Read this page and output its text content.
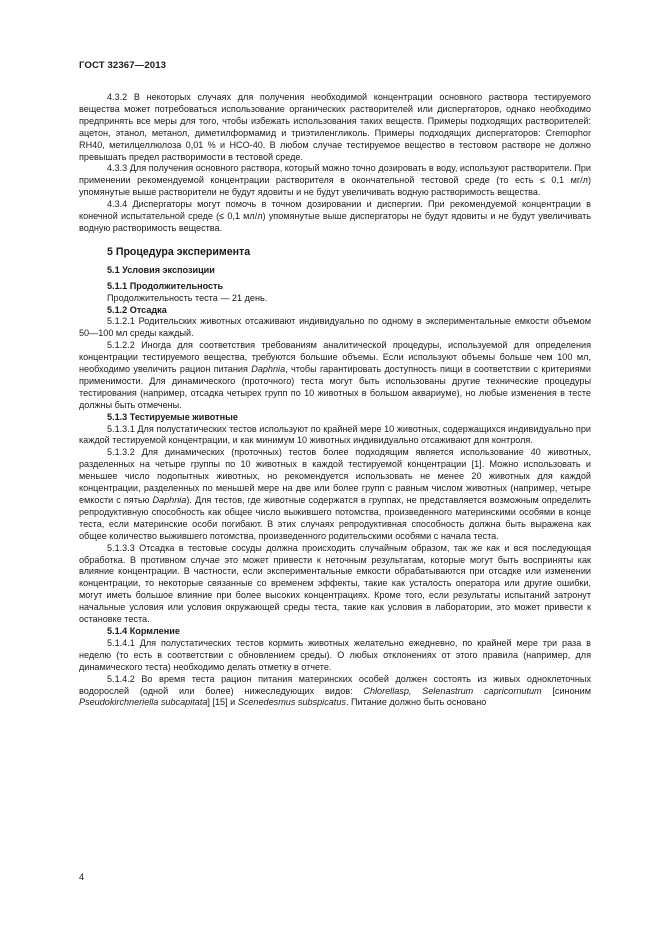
ГОСТ 32367—2013

4.3.2 В некоторых случаях для получения необходимой концентрации основного раствора тестируемого вещества может потребоваться использование органических растворителей или диспергаторов, однако необходимо предпринять все меры для того, чтобы избежать использования таких веществ. Примеры подходящих растворителей: ацетон, этанол, метанол, диметилформамид и триэтиленгликоль. Примеры подходящих диспергаторов: Cremophor RH40, метилцеллюлоза 0,01 % и HCO-40. В любом случае тестируемое вещество в тестовом растворе не должно превышать предел растворимости в тестовой среде.

4.3.3 Для получения основного раствора, который можно точно дозировать в воду, используют растворители. При применении рекомендуемой концентрации растворителя в окончательной тестовой среде (то есть ≤ 0,1 мг/л) упомянутые выше растворители не будут ядовиты и не будут увеличивать водную растворимость вещества.

4.3.4 Диспергаторы могут помочь в точном дозировании и диспергии. При рекомендуемой концентрации в конечной испытательной среде (≤ 0,1 мл/л) упомянутые выше диспергаторы не будут ядовиты и не будут увеличивать водную растворимость вещества.

5 Процедура эксперимента
5.1 Условия экспозиции
5.1.1 Продолжительность

Продолжительность теста — 21 день.

5.1.2 Отсадка

5.1.2.1 Родительских животных отсаживают индивидуально по одному в экспериментальные емкости объемом 50—100 мл среды каждый.

5.1.2.2 Иногда для соответствия требованиям аналитической процедуры, используемой для определения концентрации тестируемого вещества, требуются большие объемы. Если используют объемы больше чем 100 мл, необходимо увеличить рацион питания Daphnia, чтобы гарантировать доступность пищи в соответствии с критериями применимости. Для динамического (проточного) теста могут быть использованы другие технические процедуры тестирования (например, отсадка четырех групп по 10 животных в большом аквариуме), но любые изменения в тесте должны быть отмечены.

5.1.3 Тестируемые животные

5.1.3.1 Для полустатических тестов используют по крайней мере 10 животных, содержащихся индивидуально при каждой тестируемой концентрации, и как минимум 10 животных индивидуально отсаживают для контроля.

5.1.3.2 Для динамических (проточных) тестов более подходящим является использование 40 животных, разделенных на четыре группы по 10 животных в каждой тестируемой концентрации [1]. Можно использовать и меньшее число подопытных животных, но рекомендуется использовать не менее 20 животных для каждой концентрации, разделенных по меньшей мере на две или более групп с равным числом животных (например, четыре емкости с пятью Daphnia). Для тестов, где животные содержатся в группах, не представляется возможным определить репродуктивную способность как общее число выжившего потомства, произведенного материнскими особями в конце теста, если материнские особи погибают. В этих случаях репродуктивная способность должна быть выражена как общее количество выжившего потомства, произведенного родительскими особями с начала теста.

5.1.3.3 Отсадка в тестовые сосуды должна происходить случайным образом, так же как и вся последующая обработка. В противном случае это может привести к неточным результатам, которые могут быть восприняты как влияние концентрации. В частности, если экспериментальные емкости обрабатываются при отсадке или изменении концентрации, то некоторые связанные со временем эффекты, такие как усталость оператора или другие ошибки, могут иметь большое влияние при более высоких концентрациях. Кроме того, если результаты испытаний затронут начальные условия или условия окружающей среды теста, такие как условия в лаборатории, это может привести к остановке теста.

5.1.4 Кормление

5.1.4.1 Для полустатических тестов кормить животных желательно ежедневно, по крайней мере три раза в неделю (то есть в соответствии с обновлением среды). О любых отклонениях от этого правила (например, для динамического теста) необходимо делать отметку в отчете.

5.1.4.2 Во время теста рацион питания материнских особей должен состоять из живых одноклеточных водорослей (одной или более) нижеследующих видов: Chlorellasp, Selenastrum capricornutum [синоним Pseudokirchneriella subcapitata] [15] и Scenedesmus subspicatus. Питание должно быть основано

4
